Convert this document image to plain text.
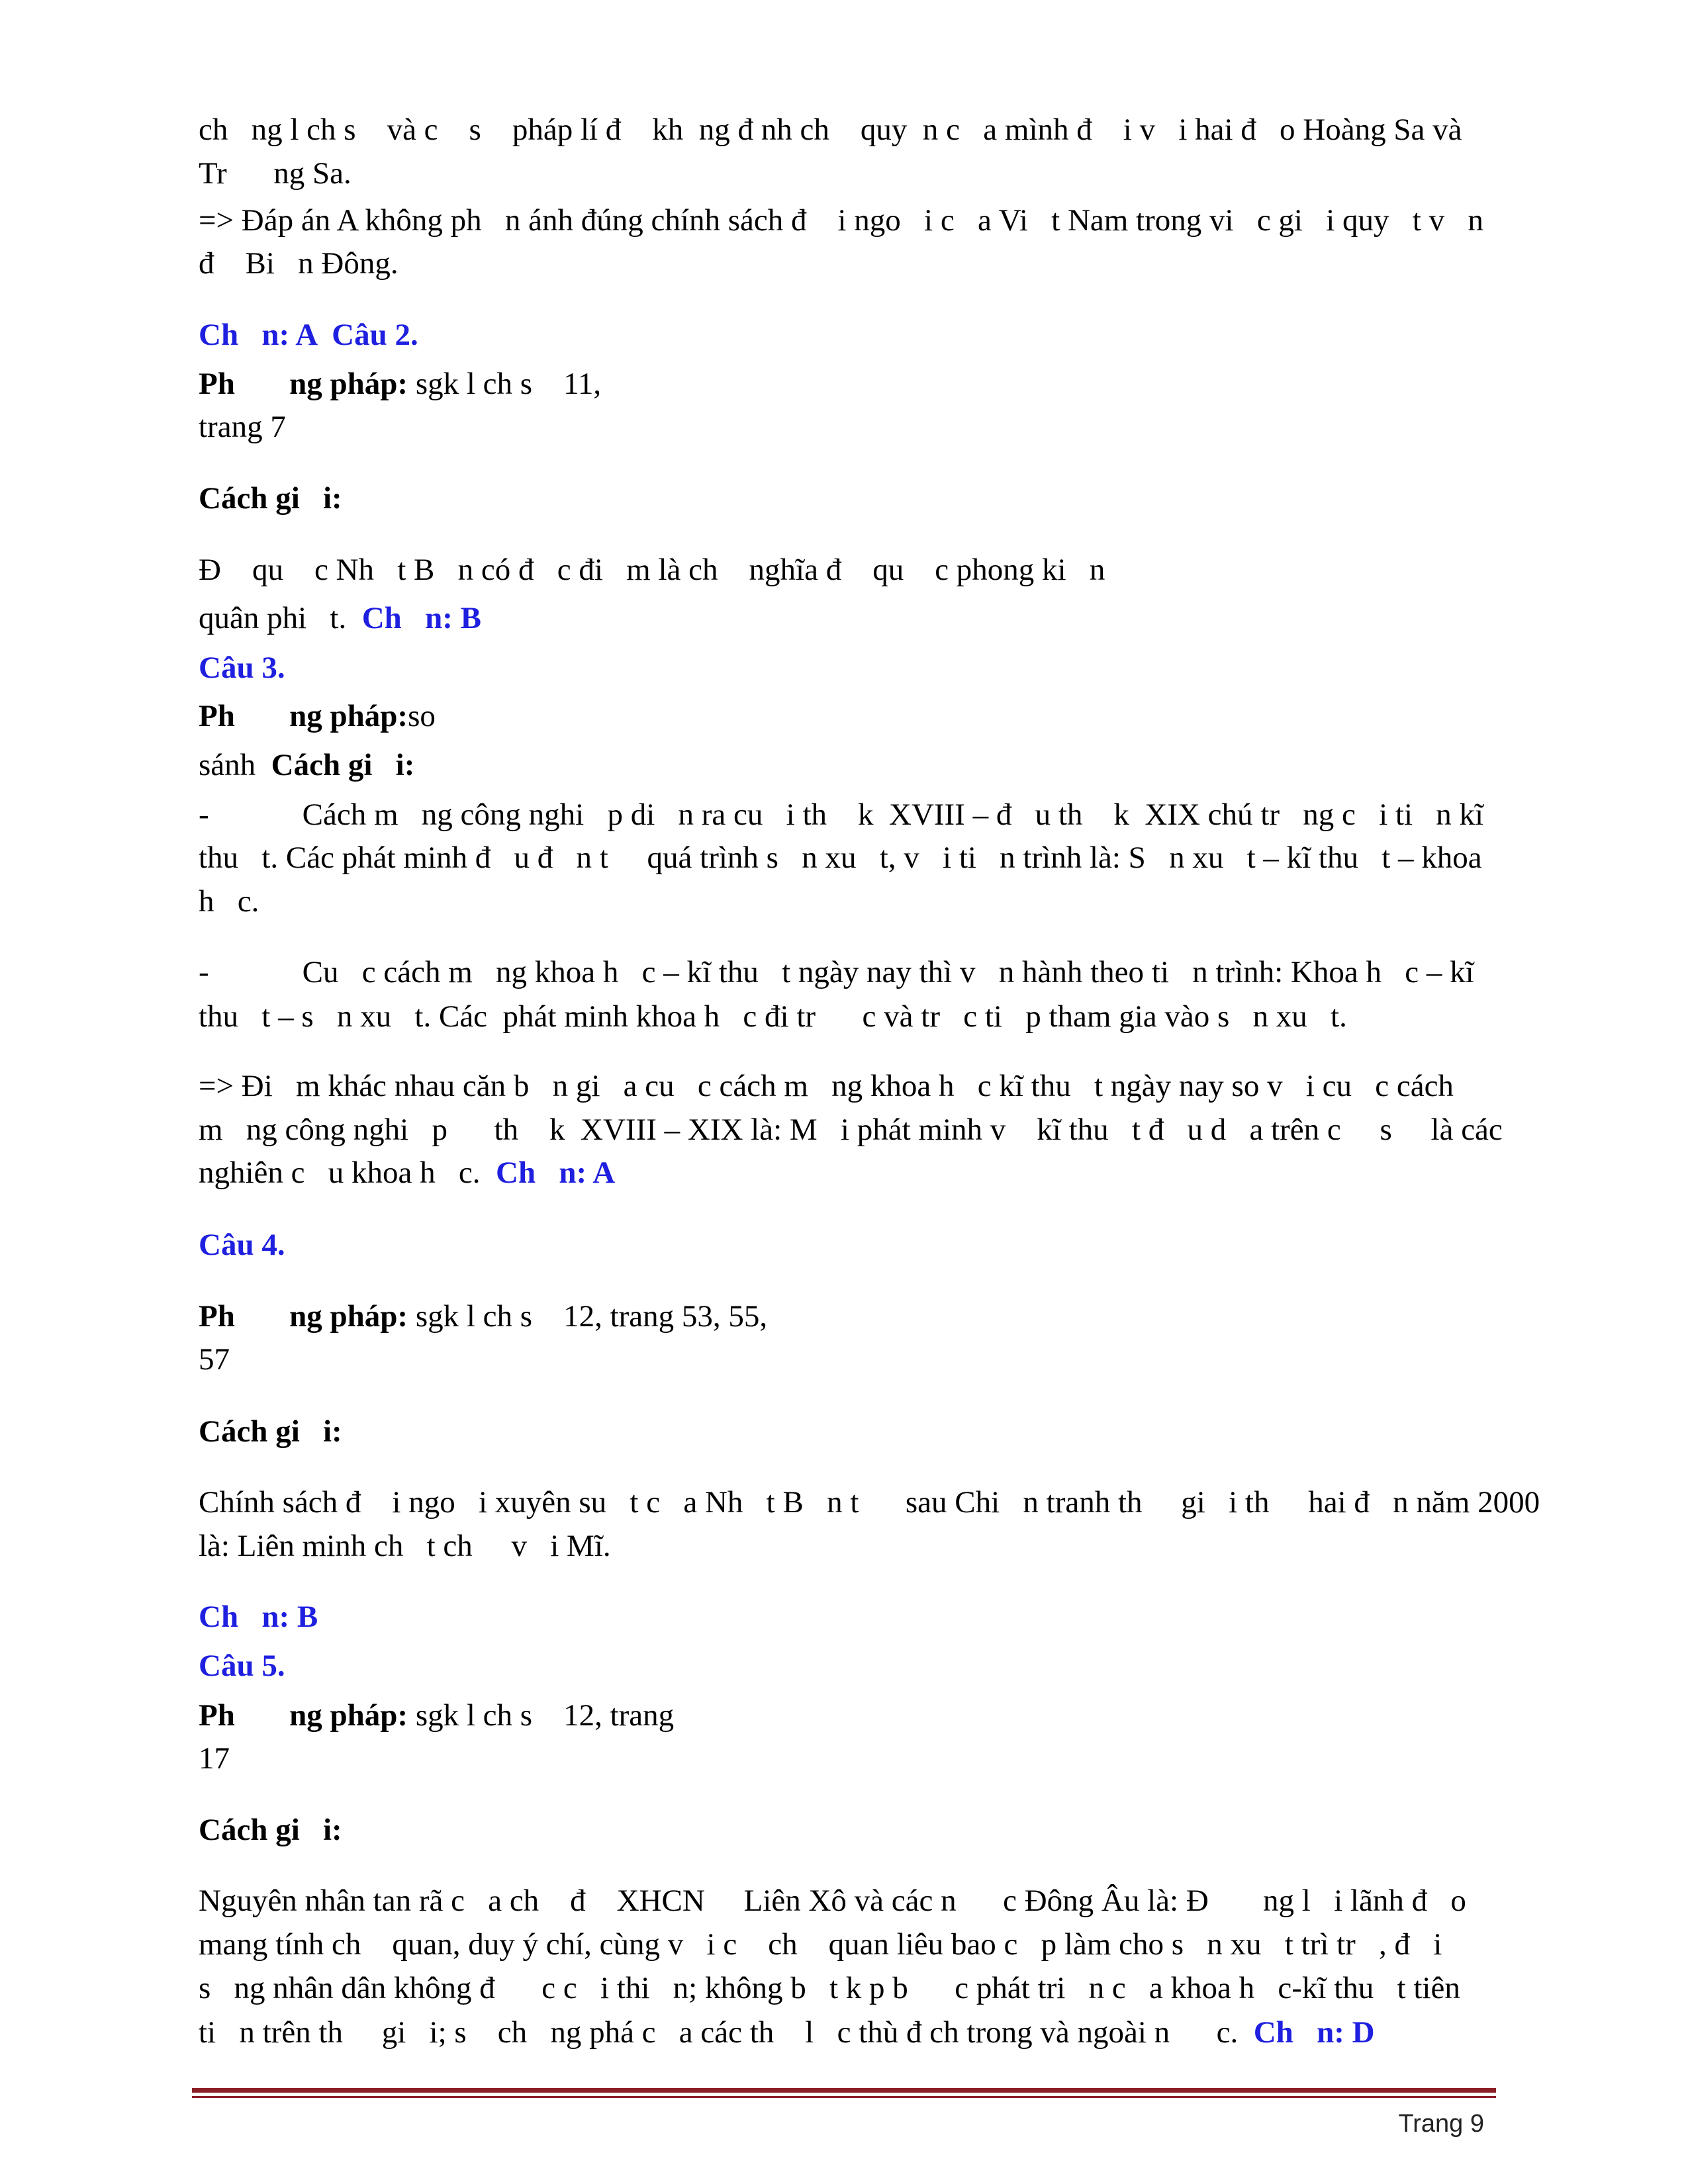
ch   ng l ch s    và c    s    pháp lí đ    kh  ng đ nh ch    quy  n c   a mình đ    i v   i hai đ   o Hoàng Sa và

Tr      ng Sa.

=> Đáp án A không ph   n ánh đúng chính sách đ    i ngo   i c   a Vi   t Nam trong vi   c gi   i quy   t v   n

đ    Bi   n Đông.

Ch   n: A  Câu 2.

Ph       ng pháp: sgk l ch s    11,

trang 7

Cách gi   i:

Đ    qu    c Nh   t B   n có đ   c đi   m là ch    nghĩa đ    qu    c phong ki   n

quân phi   t.  Ch   n: B

Câu 3.

Ph       ng pháp:so

sánh  Cách gi   i:

-            Cách m   ng công nghi   p di   n ra cu   i th    k  XVIII – đ   u th    k  XIX chú tr   ng c   i ti   n kĩ

thu   t. Các phát minh đ   u đ   n t     quá trình s   n xu   t, v   i ti   n trình là: S   n xu   t – kĩ thu   t – khoa

h   c.

-            Cu   c cách m   ng khoa h   c – kĩ thu   t ngày nay thì v   n hành theo ti   n trình: Khoa h   c – kĩ

thu   t – s   n xu   t. Các  phát minh khoa h   c đi tr      c và tr   c ti   p tham gia vào s   n xu   t.

=> Đi   m khác nhau căn b   n gi   a cu   c cách m   ng khoa h   c kĩ thu   t ngày nay so v   i cu   c cách

m   ng công nghi   p      th    k  XVIII – XIX là: M   i phát minh v    kĩ thu   t đ   u d   a trên c     s     là các

nghiên c   u khoa h   c.  Ch   n: A

Câu 4.

Ph       ng pháp: sgk l ch s    12, trang 53, 55,

57

Cách gi   i:

Chính sách đ    i ngo   i xuyên su   t c   a Nh   t B   n t      sau Chi   n tranh th     gi   i th     hai đ   n năm 2000

là: Liên minh ch   t ch     v   i Mĩ.

Ch   n: B

Câu 5.

Ph       ng pháp: sgk l ch s    12, trang

17

Cách gi   i:

Nguyên nhân tan rã c   a ch    đ    XHCN     Liên Xô và các n      c Đông Âu là: Đ       ng l   i lãnh đ   o

mang tính ch    quan, duy ý chí, cùng v   i c    ch    quan liêu bao c   p làm cho s   n xu   t trì tr   , đ   i

s   ng nhân dân không đ      c c   i thi   n; không b   t k p b      c phát tri   n c   a khoa h   c-kĩ thu   t tiên

ti   n trên th     gi   i; s    ch   ng phá c   a các th    l   c thù đ ch trong và ngoài n      c.  Ch   n: D

Trang 9
